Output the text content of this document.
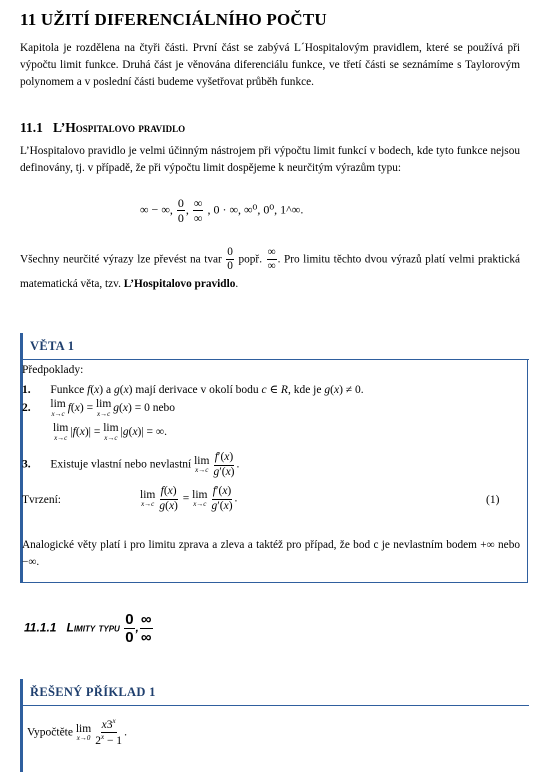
11 UŽITÍ DIFERENCIÁLNÍHO POČTU
Kapitola je rozdělena na čtyři části. První část se zabývá L´Hospitalovým pravidlem, které se používá při výpočtu limit funkce. Druhá část je věnována diferenciálu funkce, ve třetí části se seznámíme s Taylorovým polynomem a v poslední části budeme vyšetřovat průběh funkce.
11.1 L’Hospitalovo pravidlo
L’Hospitalovo pravidlo je velmi účinným nástrojem při výpočtu limit funkcí v bodech, kde tyto funkce nejsou definovány, tj. v případě, že při výpočtu limit dospějeme k neurčitým výrazům typu:
∞ − ∞, $\frac{0}{0}$ , $\frac{\infty}{\infty}$ , 0 · ∞, ∞⁰, 0⁰, 1^∞.
Všechny neurčité výrazy lze převést na tvar $\frac{0}{0}$ popř. $\frac{\infty}{\infty}$ . Pro limitu těchto dvou výrazů platí velmi praktická matematická věta, tzv. L’Hospitalovo pravidlo.
VĚTA 1
Předpoklady:
1. Funkce f(x) a g(x) mají derivace v okolí bodu c ∈ R, kde je g(x) ≠ 0.
2. lim
x→c f(x) = lim
x→c g(x) = 0 nebo
lim
x→c |f(x)| = lim
x→c |g(x)| = ∞.
3. Existuje vlastní nebo nevlastní lim
$x\to c \frac{f'(x)}{g'(x)}$ .
Tvrzení:	lim
$x\to c \frac{f(x)}{g(x)} = \lim$
$x\to c \frac{f'(x)}{g'(x)}$ .	(1)
Analogické věty platí i pro limitu zprava a zleva a taktéž pro případ, že bod c je nevlastním bodem +∞ nebo −∞.
11.1.1 Limity typu $\frac{0}{0}$ , $\frac{\infty}{\infty}$
ŘEŠENÝ PŘÍKLAD 1
Vypočtěte lim
$x\to 0 \frac{x3^x}{2^x - 1}$ .
